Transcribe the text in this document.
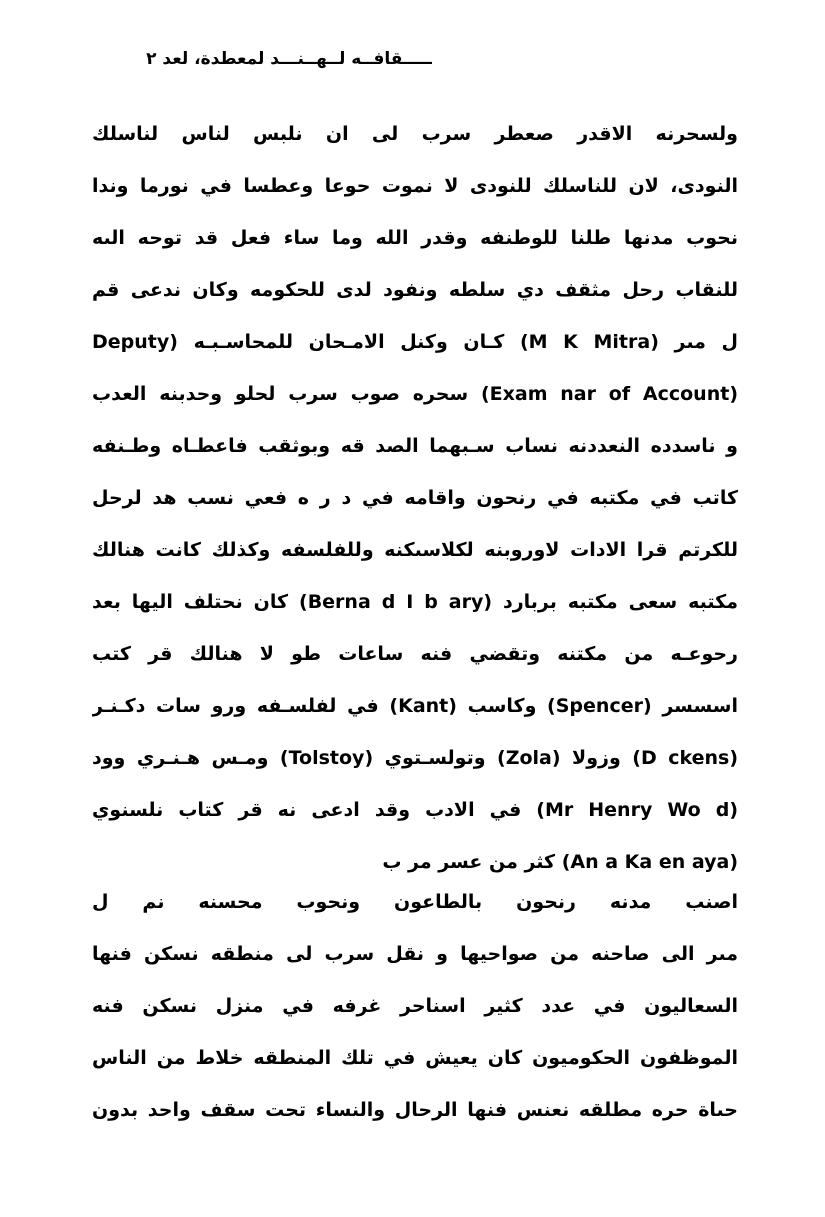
ـــــقافــه لــهــنـــد لمعطدة، لعد ٢
ولسحرنه الاقدر صعطر سرب لى ان نلبس لناس لناسلك
النودى، لان للناسلك للنودى لا نموت حوعا وعطسا في نورما وندا
نحوب مدنها طلنا للوطنفه وقدر الله وما ساء فعل قد توحه الىه
للنقاب رحل مثقف دي سلطه ونفود لدى للحكومه وكان ندعى قم
ل مىر (M K Mitra) كـان وكنل الامـحان للمحاسـبـه (Deputy
(Exam nar of Account) سحره صوب سرب لحلو وحدبنه العدب
و ناسدده النعددنه نساب سـبهما الصد قه وبوثقب فاعطـاه وطـنفه
كاتب في مكتبه في رنحون واقامه في د ر ه فعي نسب هد لرحل
للكرتم قرا الادات لاوروبنه لكلاسىكنه وللفلسفه وكذلك كانت هنالك
مكتبه سعى مكتبه بربارد (Berna d I b ary) كان نحتلف اليها بعد
رحوعـه من مكتنه وتقضي فنه ساعات طو لا هنالك قر كتب
اسسسر (Spencer) وكاسب (Kant) في لفلسـفه ورو سات دكـنـر
(D ckens) وزولا (Zola) وتولسـتوي (Tolstoy) ومـس هـنـري وود
(Mr Henry Wo d) في الادب وقد ادعى نه قر كتاب نلسنوي
(An a Ka en aya) كثر من عسر مر ب
اصنب مدنه رنحون بالطاعون ونحوب محسنه نم ل
مىر الى صاحنه من صواحيها و نقل سرب لى منطقه نسكن فنها
السعاليون في عدد كثير اسناحر غرفه في منزل نسكن فنه
الموظفون الحكوميون كان يعيش في تلك المنطقه خلاط من الناس
حىاة حره مطلقه نعنس فنها الرحال والنساء تحت سقف واحد بدون
